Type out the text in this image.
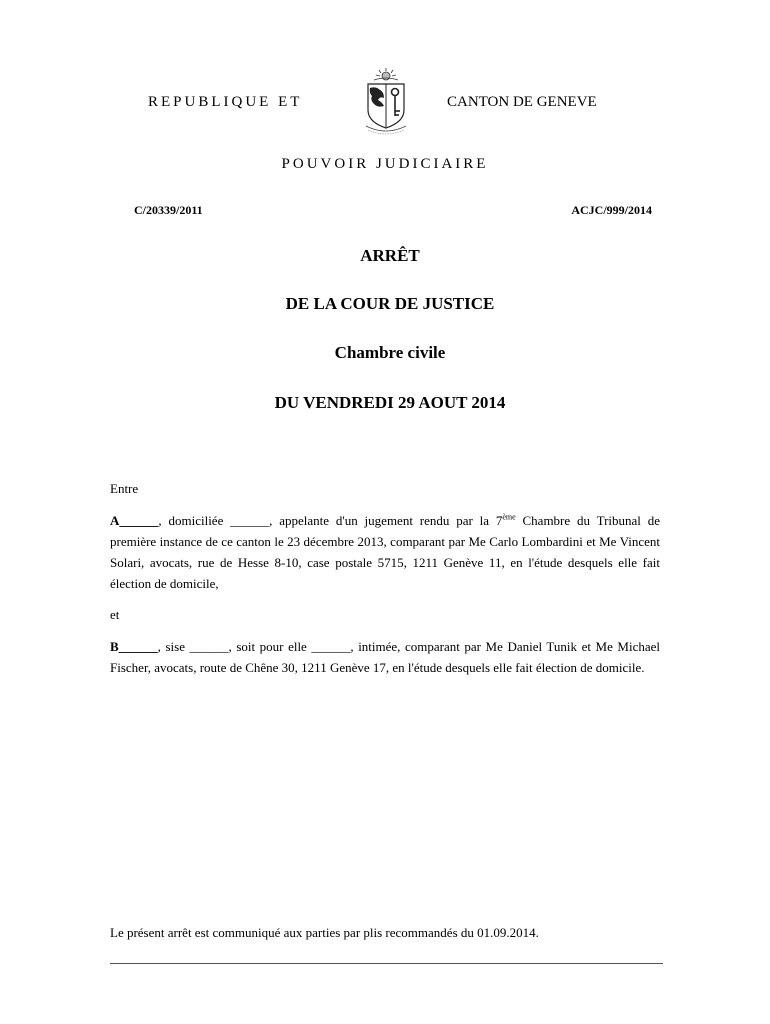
REPUBLIQUE ET	CANTON DE GENEVE
POUVOIR JUDICIAIRE
C/20339/2011	ACJC/999/2014
ARRÊT
DE LA COUR DE JUSTICE
Chambre civile
DU VENDREDI 29 AOUT 2014
Entre
A______, domiciliée ______, appelante d'un jugement rendu par la 7ème Chambre du Tribunal de première instance de ce canton le 23 décembre 2013, comparant par Me Carlo Lombardini et Me Vincent Solari, avocats, rue de Hesse 8-10, case postale 5715, 1211 Genève 11, en l'étude desquels elle fait élection de domicile,
et
B______, sise ______, soit pour elle ______, intimée, comparant par Me Daniel Tunik et Me Michael Fischer, avocats, route de Chêne 30, 1211 Genève 17, en l'étude desquels elle fait élection de domicile.
Le présent arrêt est communiqué aux parties par plis recommandés du 01.09.2014.
